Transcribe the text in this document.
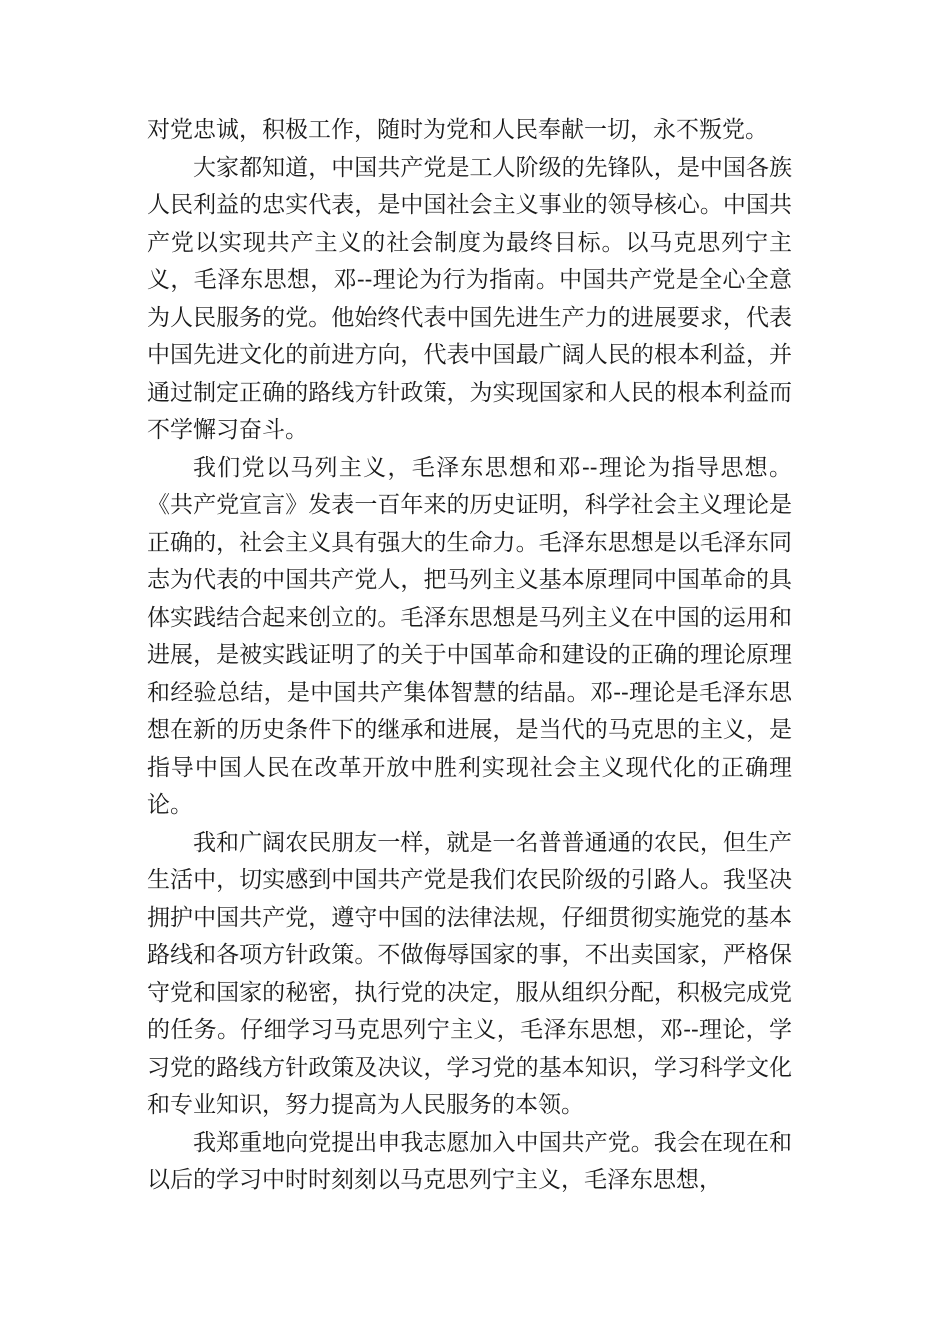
对党忠诚，积极工作，随时为党和人民奉献一切，永不叛党。

大家都知道，中国共产党是工人阶级的先锋队，是中国各族人民利益的忠实代表，是中国社会主义事业的领导核心。中国共产党以实现共产主义的社会制度为最终目标。以马克思列宁主义，毛泽东思想，邓--理论为行为指南。中国共产党是全心全意为人民服务的党。他始终代表中国先进生产力的进展要求，代表中国先进文化的前进方向，代表中国最广阔人民的根本利益，并通过制定正确的路线方针政策，为实现国家和人民的根本利益而不学懈习奋斗。

我们党以马列主义，毛泽东思想和邓--理论为指导思想。《共产党宣言》发表一百年来的历史证明，科学社会主义理论是正确的，社会主义具有强大的生命力。毛泽东思想是以毛泽东同志为代表的中国共产党人，把马列主义基本原理同中国革命的具体实践结合起来创立的。毛泽东思想是马列主义在中国的运用和进展，是被实践证明了的关于中国革命和建设的正确的理论原理和经验总结，是中国共产集体智慧的结晶。邓--理论是毛泽东思想在新的历史条件下的继承和进展，是当代的马克思的主义，是指导中国人民在改革开放中胜利实现社会主义现代化的正确理论。

我和广阔农民朋友一样，就是一名普普通通的农民，但生产生活中，切实感到中国共产党是我们农民阶级的引路人。我坚决拥护中国共产党，遵守中国的法律法规，仔细贯彻实施党的基本路线和各项方针政策。不做侮辱国家的事，不出卖国家，严格保守党和国家的秘密，执行党的决定，服从组织分配，积极完成党的任务。仔细学习马克思列宁主义，毛泽东思想，邓--理论，学习党的路线方针政策及决议，学习党的基本知识，学习科学文化和专业知识，努力提高为人民服务的本领。

我郑重地向党提出申我志愿加入中国共产党。我会在现在和以后的学习中时时刻刻以马克思列宁主义，毛泽东思想，
